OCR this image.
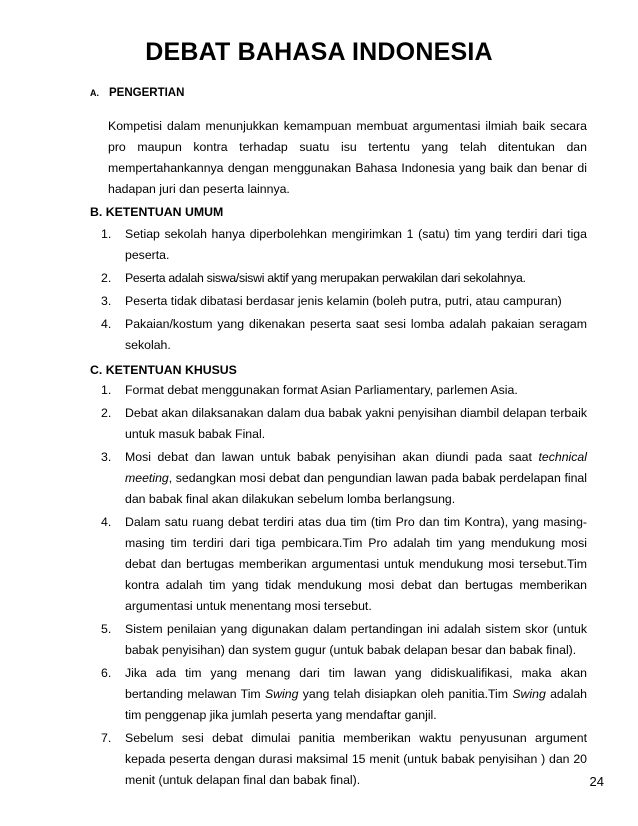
DEBAT BAHASA INDONESIA
A. PENGERTIAN
Kompetisi dalam menunjukkan kemampuan membuat argumentasi ilmiah baik secara pro maupun kontra terhadap suatu isu tertentu yang telah ditentukan dan mempertahankannya dengan menggunakan Bahasa Indonesia yang baik dan benar di hadapan juri dan peserta lainnya.
B. KETENTUAN UMUM
1. Setiap sekolah hanya diperbolehkan mengirimkan 1 (satu) tim yang terdiri dari tiga peserta.
2. Peserta adalah siswa/siswi aktif yang merupakan perwakilan dari sekolahnya.
3. Peserta tidak dibatasi berdasar jenis kelamin (boleh putra, putri, atau campuran)
4. Pakaian/kostum yang dikenakan peserta saat sesi lomba adalah pakaian seragam sekolah.
C. KETENTUAN KHUSUS
1. Format debat menggunakan format Asian Parliamentary, parlemen Asia.
2. Debat akan dilaksanakan dalam dua babak yakni penyisihan diambil delapan terbaik untuk masuk babak Final.
3. Mosi debat dan lawan untuk babak penyisihan akan diundi pada saat technical meeting, sedangkan mosi debat dan pengundian lawan pada babak perdelapan final dan babak final akan dilakukan sebelum lomba berlangsung.
4. Dalam satu ruang debat terdiri atas dua tim (tim Pro dan tim Kontra), yang masing-masing tim terdiri dari tiga pembicara.Tim Pro adalah tim yang mendukung mosi debat dan bertugas memberikan argumentasi untuk mendukung mosi tersebut.Tim kontra adalah tim yang tidak mendukung mosi debat dan bertugas memberikan argumentasi untuk menentang mosi tersebut.
5. Sistem penilaian yang digunakan dalam pertandingan ini adalah sistem skor (untuk babak penyisihan) dan system gugur (untuk babak delapan besar dan babak final).
6. Jika ada tim yang menang dari tim lawan yang didiskualifikasi, maka akan bertanding melawan Tim Swing yang telah disiapkan oleh panitia.Tim Swing adalah tim penggenap jika jumlah peserta yang mendaftar ganjil.
7. Sebelum sesi debat dimulai panitia memberikan waktu penyusunan argument kepada peserta dengan durasi maksimal 15 menit (untuk babak penyisihan ) dan 20 menit (untuk delapan final dan babak final).	24
